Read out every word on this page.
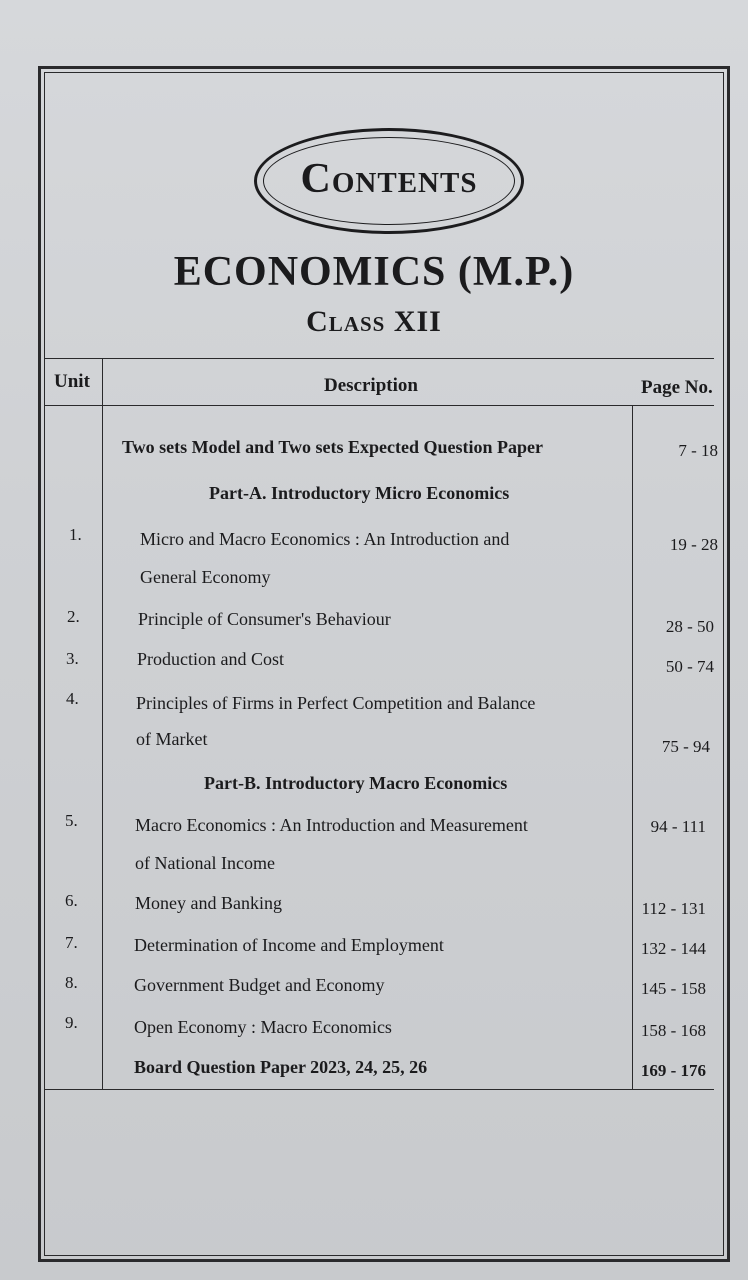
Contents
ECONOMICS (M.P.)
Class XII
Unit	Description	Page No.
Two sets Model and Two sets Expected Question Paper	7 - 18
Part-A. Introductory Micro Economics
1.	Micro and Macro Economics : An Introduction and
General Economy
19 - 28
2.	Principle of Consumer's Behaviour	28 - 50
3.	Production and Cost	50 - 74
4.	Principles of Firms in Perfect Competition and Balance
of Market	75 - 94
Part-B. Introductory Macro Economics
5.	Macro Economics : An Introduction and Measurement
of National Income
94 - 111
6.	Money and Banking	112 - 131
7.	Determination of Income and Employment	132 - 144
8.	Government Budget and Economy	145 - 158
9.	Open Economy : Macro Economics	158 - 168
Board Question Paper 2023, 24, 25, 26	169 - 176
